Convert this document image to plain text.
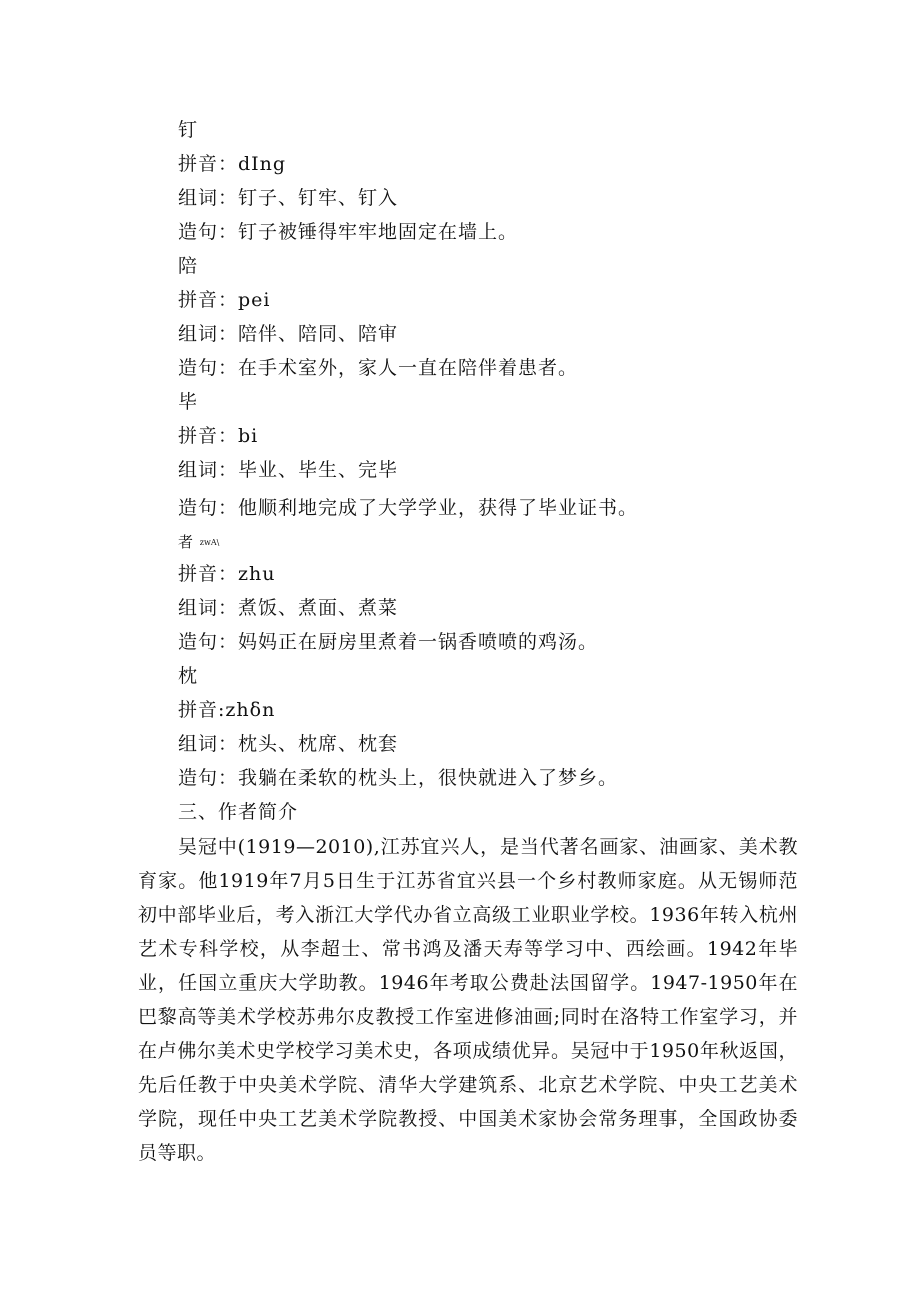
钉
拼音：dIng
组词：钉子、钉牢、钉入
造句：钉子被锤得牢牢地固定在墙上。
陪
拼音：pei
组词：陪伴、陪同、陪审
造句：在手术室外，家人一直在陪伴着患者。
毕
拼音：bi
组词：毕业、毕生、完毕
造句：他顺利地完成了大学学业，获得了毕业证书。
者 zwA\
拼音：zhu
组词：煮饭、煮面、煮菜
造句：妈妈正在厨房里煮着一锅香喷喷的鸡汤。
枕
拼音:zhδn
组词：枕头、枕席、枕套
造句：我躺在柔软的枕头上，很快就进入了梦乡。
三、作者简介

吴冠中(1919—2010),江苏宜兴人，是当代著名画家、油画家、美术教育家。他1919年7月5日生于江苏省宜兴县一个乡村教师家庭。从无锡师范初中部毕业后，考入浙江大学代办省立高级工业职业学校。1936年转入杭州艺术专科学校，从李超士、常书鸿及潘天寿等学习中、西绘画。1942年毕业，任国立重庆大学助教。1946年考取公费赴法国留学。1947-1950年在巴黎高等美术学校苏弗尔皮教授工作室进修油画;同时在洛特工作室学习，并在卢佛尔美术史学校学习美术史，各项成绩优异。吴冠中于1950年秋返国，先后任教于中央美术学院、清华大学建筑系、北京艺术学院、中央工艺美术学院，现任中央工艺美术学院教授、中国美术家协会常务理事，全国政协委员等职。
